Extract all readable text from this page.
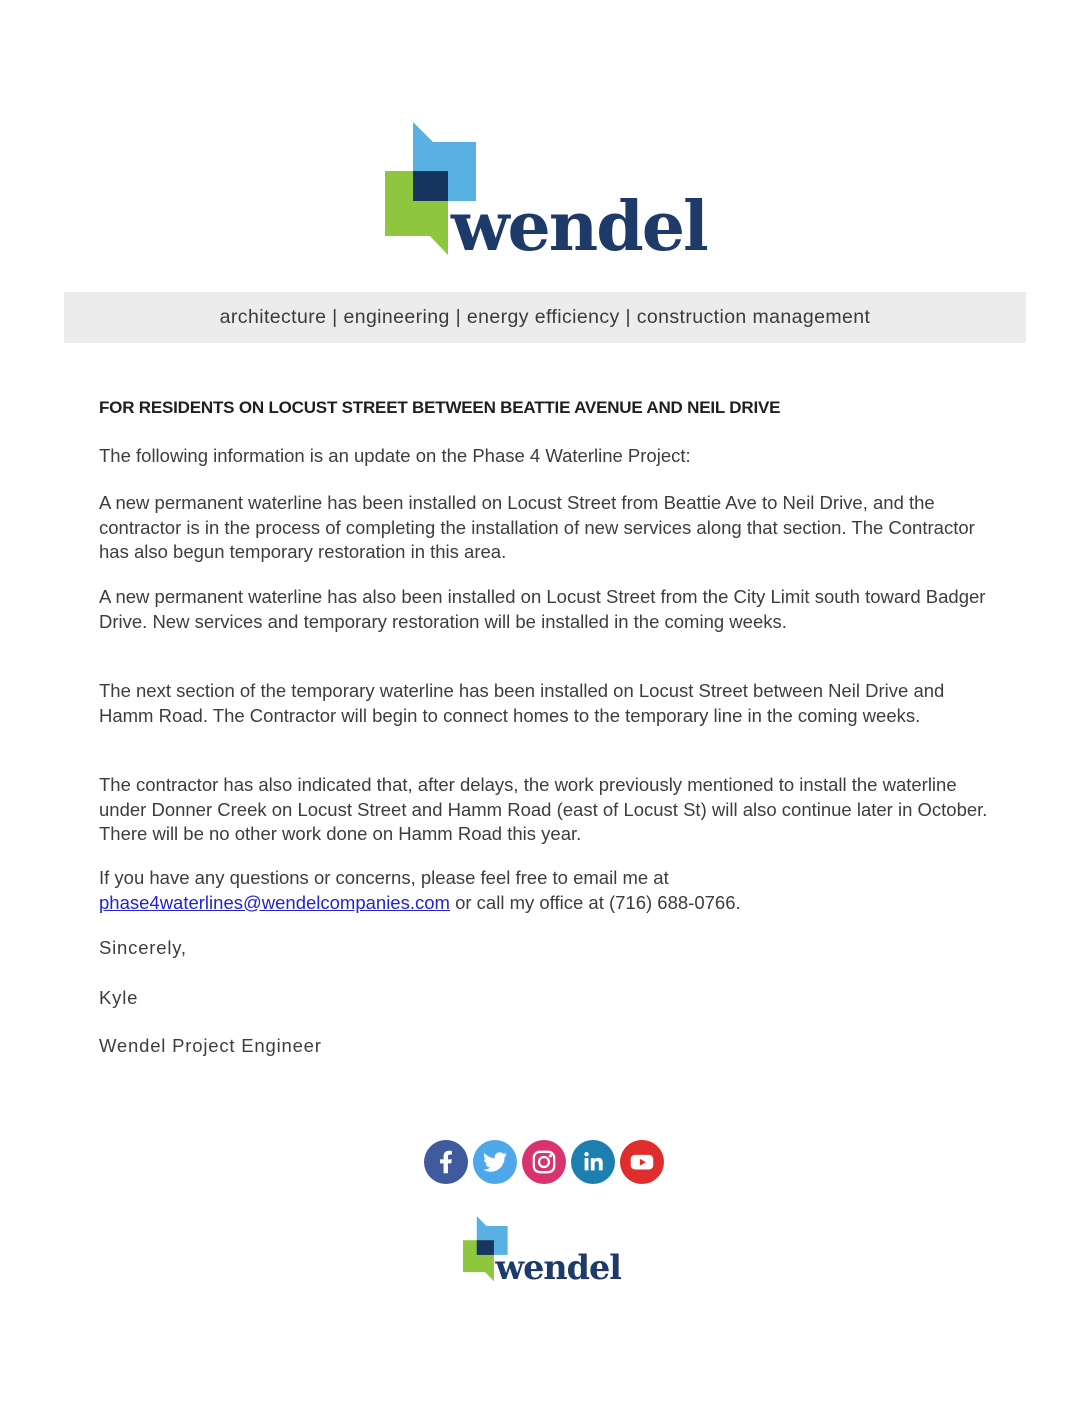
wendel
architecture | engineering | energy efficiency | construction management
FOR RESIDENTS ON LOCUST STREET BETWEEN BEATTIE AVENUE AND NEIL DRIVE

The following information is an update on the Phase 4 Waterline Project:

A new permanent waterline has been installed on Locust Street from Beattie Ave to Neil Drive, and the contractor is in the process of completing the installation of new services along that section. The Contractor has also begun temporary restoration in this area.

A new permanent waterline has also been installed on Locust Street from the City Limit south toward Badger Drive. New services and temporary restoration will be installed in the coming weeks.

The next section of the temporary waterline has been installed on Locust Street between Neil Drive and Hamm Road. The Contractor will begin to connect homes to the temporary line in the coming weeks.

The contractor has also indicated that, after delays, the work previously mentioned to install the waterline under Donner Creek on Locust Street and Hamm Road (east of Locust St) will also continue later in October. There will be no other work done on Hamm Road this year.

If you have any questions or concerns, please feel free to email me at phase4waterlines@wendelcompanies.com or call my office at (716) 688-0766.

Sincerely,

Kyle

Wendel Project Engineer

wendel
